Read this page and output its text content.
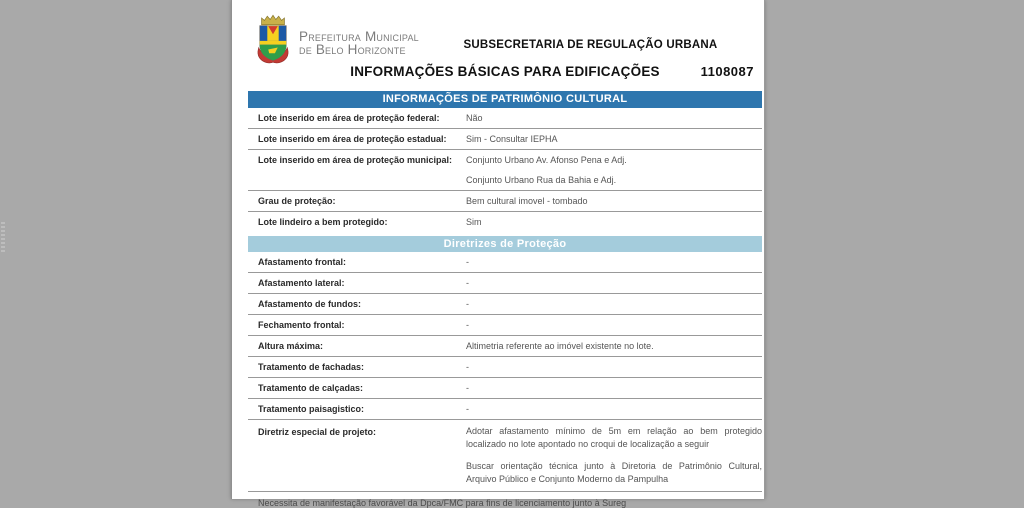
Prefeitura Municipal
de Belo Horizonte	SUBSECRETARIA DE REGULAÇÃO URBANA
INFORMAÇÕES BÁSICAS PARA EDIFICAÇÕES	1108087
INFORMAÇÕES DE PATRIMÔNIO CULTURAL
Lote inserido em área de proteção federal:	Não
Lote inserido em área de proteção estadual:	Sim - Consultar IEPHA
Lote inserido em área de proteção municipal:	Conjunto Urbano Av. Afonso Pena e Adj.
Conjunto Urbano Rua da Bahia e Adj.
Grau de proteção:	Bem cultural imovel - tombado
Lote lindeiro a bem protegido:	Sim
Diretrizes de Proteção
Afastamento frontal:	-
Afastamento lateral:	-
Afastamento de fundos:	-
Fechamento frontal:	-
Altura máxima:	Altimetria referente ao imóvel existente no lote.
Tratamento de fachadas:	-
Tratamento de calçadas:	-
Tratamento paisagistico:	-
Diretriz especial de projeto:	Adotar afastamento mínimo de 5m em relação ao bem protegido localizado no lote apontado no croqui de localização a seguir

Buscar orientação técnica junto à Diretoria de Patrimônio Cultural, Arquivo Público e Conjunto Moderno da Pampulha

Necessita de manifestação favorável da Dpca/FMC para fins de licenciamento junto à Sureg
